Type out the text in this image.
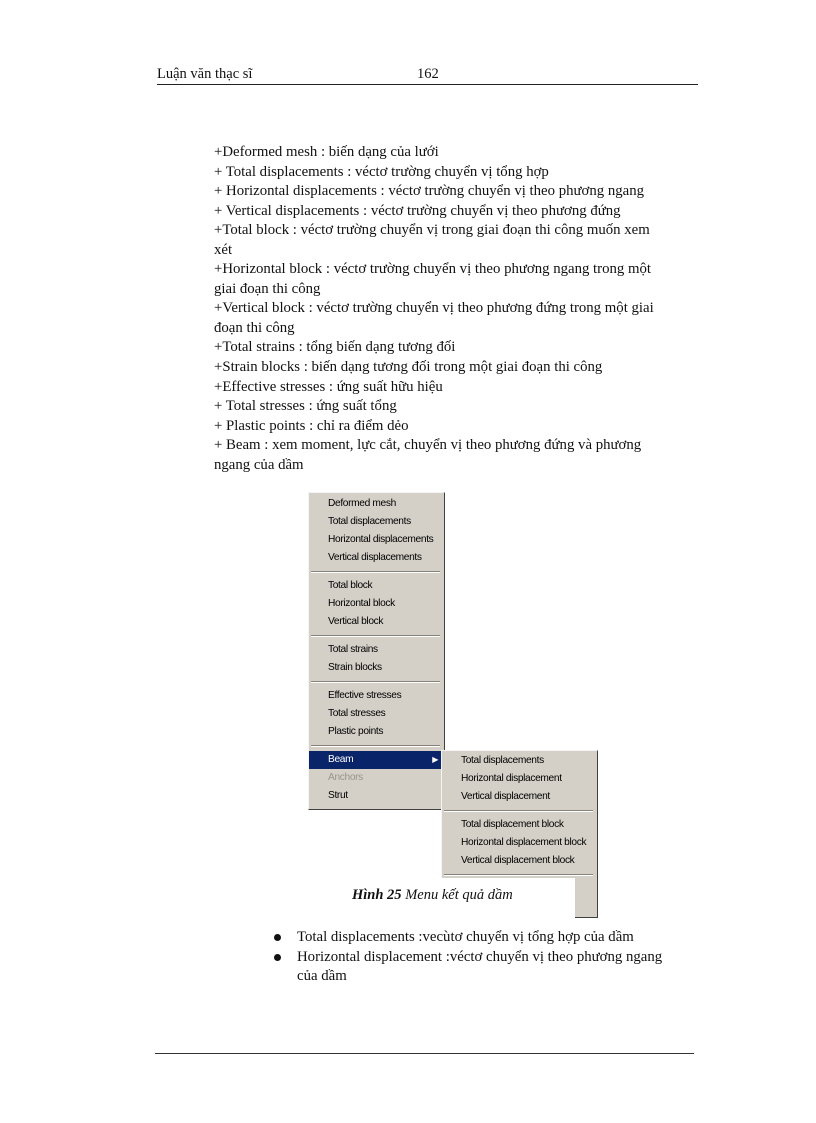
Luận văn thạc sĩ	162
+Deformed mesh : biến dạng của lưới
+ Total displacements : véctơ trường chuyển vị tổng hợp
+ Horizontal displacements : véctơ trường chuyển vị theo phương ngang
+ Vertical displacements : véctơ trường chuyển vị theo phương đứng
+Total block : véctơ trường chuyển vị trong giai đoạn thi công muốn xem
xét
+Horizontal block : véctơ trường chuyển vị theo phương ngang trong một
giai đoạn thi công
+Vertical block : véctơ trường chuyển vị theo phương đứng trong một giai
đoạn thi công
+Total strains : tổng biến dạng tương đối
+Strain blocks : biến dạng tương đối trong một giai đoạn thi công
+Effective stresses : ứng suất hữu hiệu
+ Total stresses : ứng suất tổng
+ Plastic points : chỉ ra điểm dẻo
+ Beam : xem moment, lực cắt, chuyển vị theo phương đứng và phương
ngang của dầm
Deformed mesh
Total displacements
Horizontal displacements
Vertical displacements
Total block
Horizontal block
Vertical block
Total strains
Strain blocks
Effective stresses
Total stresses
Plastic points
Beam	▶
Anchors
Strut
Total displacements
Horizontal displacement
Vertical displacement
Total displacement block
Horizontal displacement block
Vertical displacement block
Hình 25 Menu kết quả dầm
Total displacements :vecùtơ chuyển vị tổng hợp của dầm
Horizontal displacement :véctơ chuyển vị theo phương ngang
của dầm
